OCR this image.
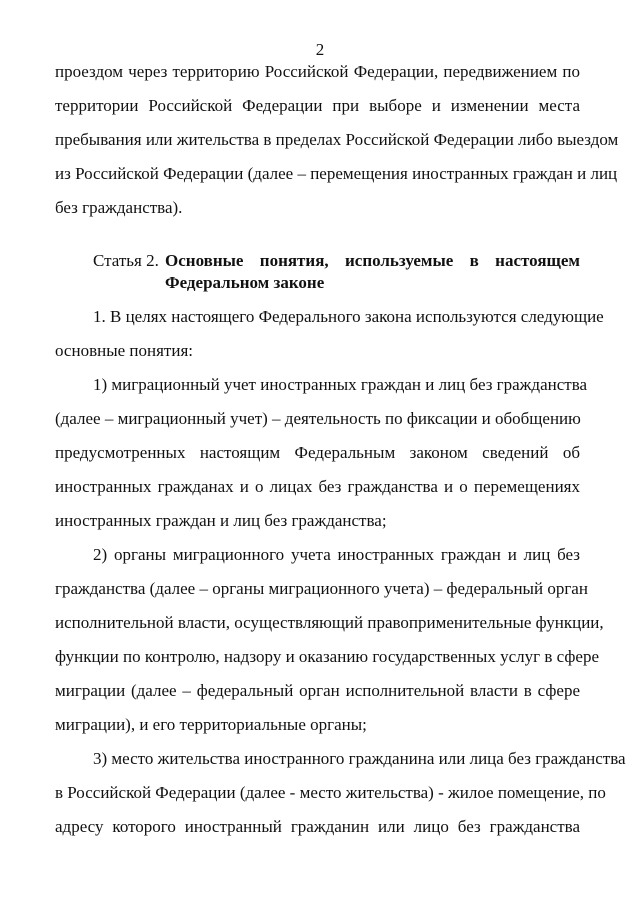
2
проездом через территорию Российской Федерации, передвижением по
территории Российской Федерации при выборе и изменении места
пребывания или жительства в пределах Российской Федерации либо выездом
из Российской Федерации (далее – перемещения иностранных граждан и лиц
без гражданства).
Статья 2. Основные понятия, используемые в настоящем
Федеральном законе
1. В целях настоящего Федерального закона используются следующие
основные понятия:
1) миграционный учет иностранных граждан и лиц без гражданства
(далее – миграционный учет) – деятельность по фиксации и обобщению
предусмотренных настоящим Федеральным законом сведений об
иностранных гражданах и о лицах без гражданства и о перемещениях
иностранных граждан и лиц без гражданства;
2) органы миграционного учета иностранных граждан и лиц без
гражданства (далее – органы миграционного учета) – федеральный орган
исполнительной власти, осуществляющий правоприменительные функции,
функции по контролю, надзору и оказанию государственных услуг в сфере
миграции (далее – федеральный орган исполнительной власти в сфере
миграции), и его территориальные органы;
3) место жительства иностранного гражданина или лица без гражданства
в Российской Федерации (далее - место жительства) - жилое помещение, по
адресу которого иностранный гражданин или лицо без гражданства
